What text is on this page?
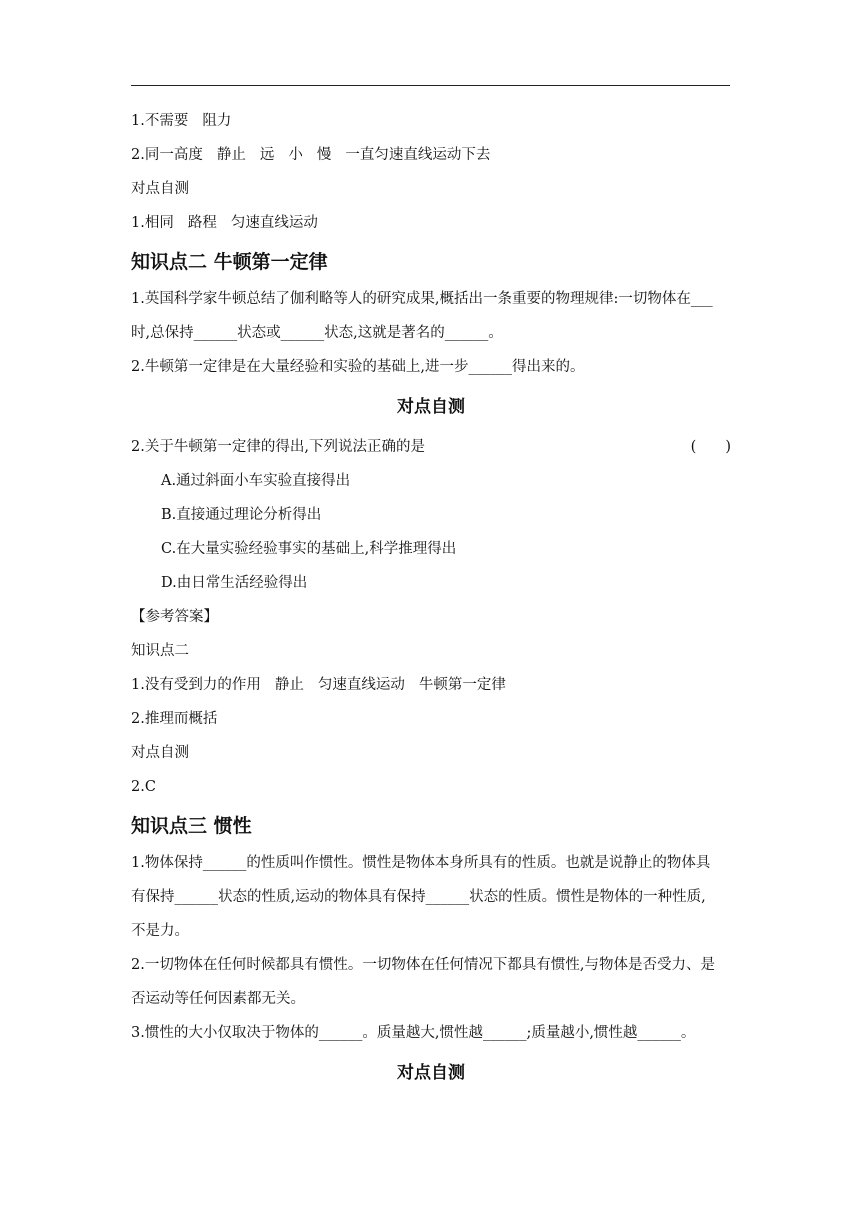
1.不需要 阻力
2.同一高度 静止 远 小 慢 一直匀速直线运动下去
对点自测
1.相同 路程 匀速直线运动
知识点二 牛顿第一定律
1.英国科学家牛顿总结了伽利略等人的研究成果,概括出一条重要的物理规律:一切物体在___
时,总保持______状态或______状态,这就是著名的______。
2.牛顿第一定律是在大量经验和实验的基础上,进一步______得出来的。
对点自测
2.关于牛顿第一定律的得出,下列说法正确的是	(　　)
A.通过斜面小车实验直接得出
B.直接通过理论分析得出
C.在大量实验经验事实的基础上,科学推理得出
D.由日常生活经验得出
【参考答案】
知识点二
1.没有受到力的作用 静止 匀速直线运动 牛顿第一定律
2.推理而概括
对点自测
2.C
知识点三 惯性
1.物体保持______的性质叫作惯性。惯性是物体本身所具有的性质。也就是说静止的物体具
有保持______状态的性质,运动的物体具有保持______状态的性质。惯性是物体的一种性质,
不是力。
2.一切物体在任何时候都具有惯性。一切物体在任何情况下都具有惯性,与物体是否受力、是
否运动等任何因素都无关。
3.惯性的大小仅取决于物体的______。质量越大,惯性越______;质量越小,惯性越______。
对点自测
